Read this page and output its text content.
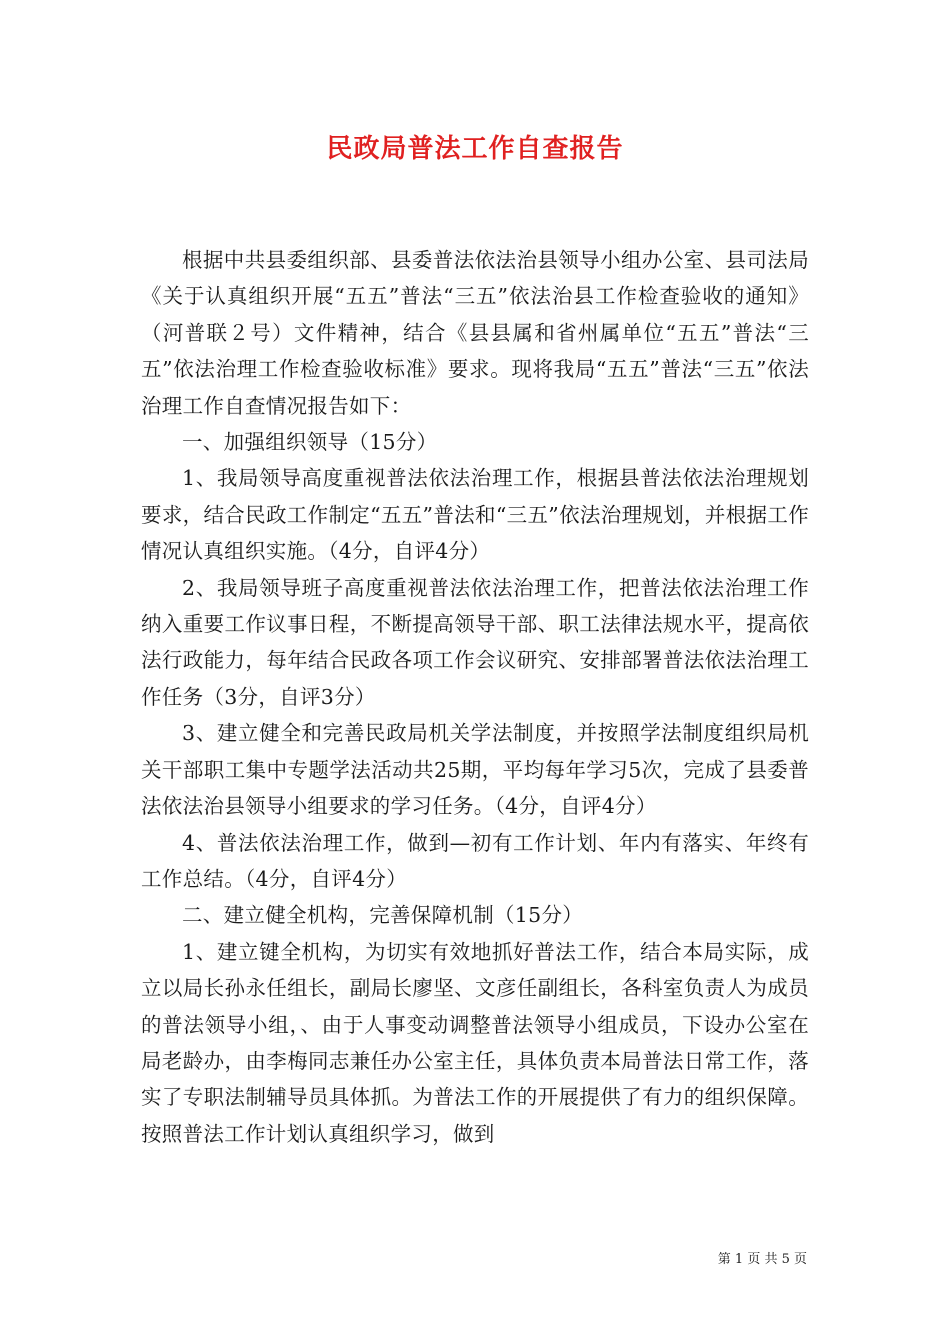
民政局普法工作自查报告

根据中共县委组织部、县委普法依法治县领导小组办公室、县司法局《关于认真组织开展“五五”普法“三五”依法治县工作检查验收的通知》（河普联２号）文件精神，结合《县县属和省州属单位“五五”普法“三五”依法治理工作检查验收标准》要求。现将我局“五五”普法“三五”依法治理工作自查情况报告如下：

一、加强组织领导（15分）

1、我局领导高度重视普法依法治理工作，根据县普法依法治理规划要求，结合民政工作制定“五五”普法和“三五”依法治理规划，并根据工作情况认真组织实施。（4分，自评4分）

2、我局领导班子高度重视普法依法治理工作，把普法依法治理工作纳入重要工作议事日程，不断提高领导干部、职工法律法规水平，提高依法行政能力，每年结合民政各项工作会议研究、安排部署普法依法治理工作任务（3分，自评3分）

3、建立健全和完善民政局机关学法制度，并按照学法制度组织局机关干部职工集中专题学法活动共25期，平均每年学习5次，完成了县委普法依法治县领导小组要求的学习任务。（4分，自评4分）

4、普法依法治理工作，做到—初有工作计划、年内有落实、年终有工作总结。（4分，自评4分）

二、建立健全机构，完善保障机制（15分）

1、建立键全机构，为切实有效地抓好普法工作，结合本局实际，成立以局长孙永任组长，副局长廖坚、文彦任副组长，各科室负责人为成员的普法领导小组，、由于人事变动调整普法领导小组成员，下设办公室在局老龄办，由李梅同志兼任办公室主任，具体负责本局普法日常工作，落实了专职法制辅导员具体抓。为普法工作的开展提供了有力的组织保障。按照普法工作计划认真组织学习，做到

第 1 页 共 5 页
